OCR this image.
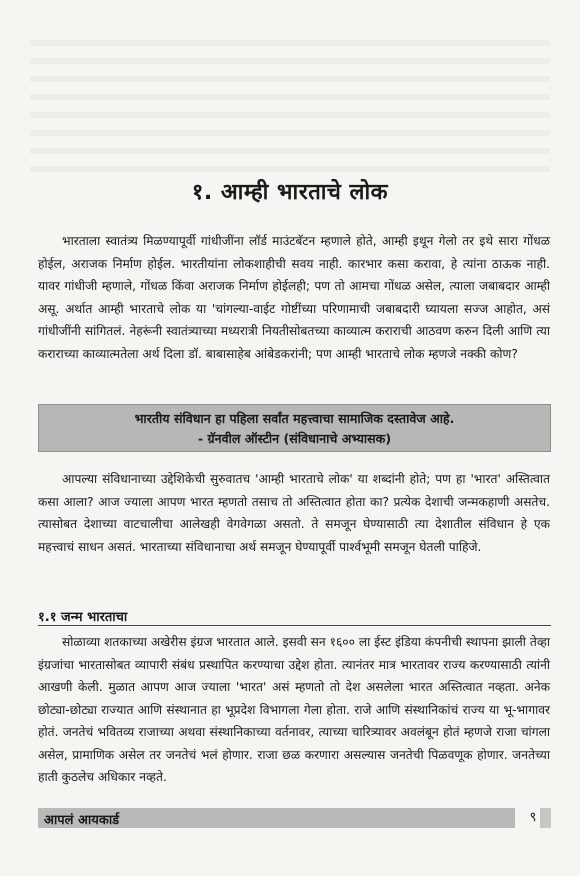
१. आम्ही भारताचे लोक

भारताला स्वातंत्र्य मिळण्यापूर्वी गांधीजींना लॉर्ड माउंटबॅटन म्हणाले होते, आम्ही इथून गेलो तर इथे सारा गोंधळ होईल, अराजक निर्माण होईल. भारतीयांना लोकशाहीची सवय नाही. कारभार कसा करावा, हे त्यांना ठाऊक नाही. यावर गांधीजी म्हणाले, गोंधळ किंवा अराजक निर्माण होईलही; पण तो आमचा गोंधळ असेल, त्याला जबाबदार आम्ही असू. अर्थात आम्ही भारताचे लोक या 'चांगल्या-वाईट गोष्टींच्या परिणामाची जबाबदारी घ्यायला सज्ज आहोत, असं गांधीजींनी सांगितलं. नेहरूंनी स्वातंत्र्याच्या मध्यरात्री नियतीसोबतच्या काव्यात्म कराराची आठवण करुन दिली आणि त्या कराराच्या काव्यात्मतेला अर्थ दिला डॉ. बाबासाहेब आंबेडकरांनी; पण आम्ही भारताचे लोक म्हणजे नक्की कोण?

भारतीय संविधान हा पहिला सर्वांत महत्त्वाचा सामाजिक दस्तावेज आहे.
- ग्रॅनवील ऑस्टीन (संविधानाचे अभ्यासक)

आपल्या संविधानाच्या उद्देशिकेची सुरुवातच 'आम्ही भारताचे लोक' या शब्दांनी होते; पण हा 'भारत' अस्तित्वात कसा आला? आज ज्याला आपण भारत म्हणतो तसाच तो अस्तित्वात होता का? प्रत्येक देशाची जन्मकहाणी असतेच. त्यासोबत देशाच्या वाटचालीचा आलेखही वेगवेगळा असतो. ते समजून घेण्यासाठी त्या देशातील संविधान हे एक महत्त्वाचं साधन असतं. भारताच्या संविधानाचा अर्थ समजून घेण्यापूर्वी पार्श्वभूमी समजून घेतली पाहिजे.

१.१ जन्म भारताचा

सोळाव्या शतकाच्या अखेरीस इंग्रज भारतात आले. इसवी सन १६०० ला ईस्ट इंडिया कंपनीची स्थापना झाली तेव्हा इंग्रजांचा भारतासोबत व्यापारी संबंध प्रस्थापित करण्याचा उद्देश होता. त्यानंतर मात्र भारतावर राज्य करण्यासाठी त्यांनी आखणी केली. मुळात आपण आज ज्याला 'भारत' असं म्हणतो तो देश असलेला भारत अस्तित्वात नव्हता. अनेक छोट्या-छोट्या राज्यात आणि संस्थानात हा भूप्रदेश विभागला गेला होता. राजे आणि संस्थानिकांचं राज्य या भू-भागावर होतं. जनतेचं भवितव्य राजाच्या अथवा संस्थानिकाच्या वर्तनावर, त्याच्या चारित्र्यावर अवलंबून होतं म्हणजे राजा चांगला असेल, प्रामाणिक असेल तर जनतेचं भलं होणार. राजा छळ करणारा असल्यास जनतेची पिळवणूक होणार. जनतेच्या हाती कुठलेच अधिकार नव्हते.

आपलं आयकार्ड	९
